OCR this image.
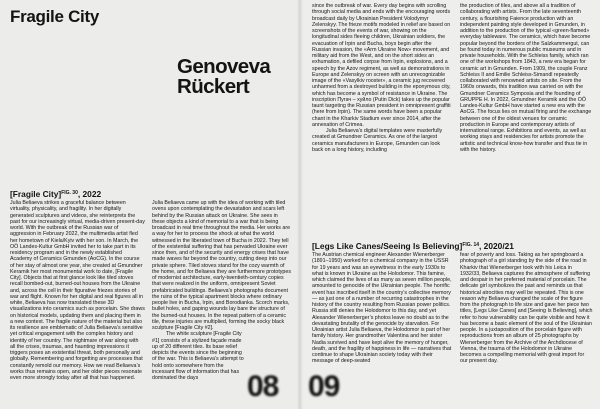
Fragile City
Genoveva Rückert
[Fragile City]$^{FIG. 30}$, 2022

Julia Beliaeva strikes a graceful balance between virtuality, physicality, and fragility. In her digitally generated sculptures and videos, she reinterprets the past for our increasingly virtual, media-driven present-day world. With the outbreak of the Russian war of aggression in February 2022, the multimedia artist fled her hometown of Kiela/Kyiv with her son. In March, the OÖ Landes-Kultur GmbH invited her to take part in its residency program and in the newly established Academy of Ceramics Gmunden (AoCG). In the course of her stay of almost one year, she created at Gmundner Keramik her most monumental work to date, [Fragile City]. Objects that at first glance look like tiled stoves recall bombed-out, burned-out houses from the Ukraine and, across the cell in their figurative friezes stories of war and flight. Known for her digital and real figures all in white, Beliaeva has now translated these 3D visualizations into ceramics such as porcelain. She draws on historical models, updating them and placing them in a new context. The fragile nature of the material but also its resilience are emblematic of Julia Beliaeva’s sensitive yet critical engagement with the complex history and identity of her country. The nightmare of war along with all the crises, traumas, and haunting impressions it triggers poses an existential threat, both personally and globally. Remembering and forgetting are processes that constantly remold our memory. How we read Beliaeva’s works thus remains open, and her older pieces resonate even more strongly today after all that has happened.

Julia Beliaeva came up with the idea of working with tiled ovens upon contemplating the devastation and scars left behind by the Russian attack on Ukraine. She sees in these objects a kind of memorial to a war that is being broadcast in real time throughout the media. Her works are a way for her to process the shock at what the world witnessed in the liberated town of Bucha in 2022. They tell of the existential suffering that has pervaded Ukraine ever since then, and of the security and energy crises that have made waves far beyond the country, cutting deep into our private sphere. Tiled stoves stand for the cozy warmth of the home, and for Beliaeva they are furthermore prototypes of modernist architecture, early-twentieth-century copies that were realized in the uniform, omnipresent Soviet prefabricated buildings. Beliaeva’s photographs document the ruins of the typical apartment blocks where ordinary people live in Bucha, Irpin, and Borodianka. Scorch marks, bullet holes, and gaping wounds lay bare the structure of the burned-out houses. In the repeat pattern of a ceramic tile, these injuries are multiplied, forming the socky black sculpture [Fragile City #2].

The white sculpture [Fragile City #1] consists of a stylized façade made up of 20 different tiles. Its base relief depicts the events since the beginning of the war. This is Beliaeva’s attempt to hold onto somewhere from the incessant flow of information that has dominated the days	08

since the outbreak of war. Every day begins with scrolling through social media and ends with the encouraging words broadcast daily by Ukrainian President Volodymyr Zelenskyy. The frieze motifs modeled in relief are based on screenshots of the events of war, showing on the longitudinal sides fleeing children, Ukrainian soldiers, the evacuation of Irpin and Bucha, boys begin after the Russian invasion, the «Arm Ukraine Now» movement, and military aid from the West, and on the short sides an exhumation, a defiled corpse from Irpin, explosions, and a speech by the Azov regiment, as well as demonstrations in Europe and Zelenskyy on screen with an unrecognizable image of the «Vasylkiv rooster», a ceramic jug recovered unharmed from a destroyed building in the eponymous city, which has become a symbol of resistance in Ukraine. The inscription Пугач – хуйло (Putin Dick) takes up the popular taunt targeting the Russian president in omnipresent graffiti (here from Irpin). The same words have been a popular chant in the Kharkiv Stadium ever since 2014, after the annexation of Crimea.

Julia Beliaeva’s digital templates were masterfully created at Gmundner Ceramics. As one of the largest ceramics manufacturers in Europe, Gmunden can look back on a long history, including

the production of tiles, and above all a tradition of collaborating with artists. From the late seventeenth century, a flourishing Faience production with an independent painting style developed in Gmunden, in addition to the production of the typical «green-flamed» everyday tableware. The ceramics, which have become popular beyond the borders of the Salzkammergut, can be found today in numerous public museums and in private households. With the Schleiss family, which ran one of the workshops from 1843, a new era began for ceramic art in Gmunden. From 1909, the couple Franz Schleiss II and Emilie Schleiss-Simandl repeatedly collaborated with renowned artists on site. From the 1960s onwards, this tradition was carried on with the Gmundner Ceramics Symposia and the founding of GRUPPE H. In 2022, Gmundner Keramik and the OÖ Landes-Kultur GmbH have started a new era with the AoCG. The focus lies on mutual firing and the exchange between one of the oldest venues for ceramic production in Europe and contemporary artists of international range. Exhibitions and events, as well as working stays and residencies for artists promote the artistic and technical know-how transfer and thus tie in with the history.

[Legs Like Canes/Seeing Is Believing]$^{FIG. 14}$, 2020/21

The Austrian chemical engineer Alexander Wienerberger (1891–1950) worked for a chemical company in the USSR for 19 years and was an eyewitness in the early 1930s to what is known in Ukraine as the Holodomor. This famine, which claimed the lives of as many as seven million people, amounted to genocide of the Ukrainian people. The horrific event has inscribed itself in the country’s collective memory — as just one of a number of recurring catastrophes in the history of the country resulting from Russian power politics. Russia still denies the Holodomor to this day, and yet Alexander Wienerberger’s photos leave no doubt as to the devastating brutality of the genocide by starvation. For Ukrainian artist Julia Beliaeva, the Holodomor is part of her family history. Her grandmother Valentina and her sister Nadia survived and have kept alive the memory of hunger, death, and the fragility of happiness in life — narratives that continue to shape Ukrainian society today with their message of deep-seated

fear of poverty and loss. Taking as her springboard a photograph of a girl standing by the side of the road in Kharkiv that Wienerberger took with his Leica in 1932/33, Beliaeva captures the atmosphere of suffering and despair in her preferred material of porcelain. The delicate girl symbolizes the past and reminds us that historical atrocities may well be repeated. This is one reason why Beliaeva changed the scale of the figure from the photograph to life size and gave her piece two titles, [Legs Like Canes] and [Seeing Is Believing], which refer to how vulnerability can be quite visible and how it has become a basic element of the soul of the Ukrainian people. In a juxtaposition of the porcelain figure with reproductions from an album of 25 photographs by Wienerberger from the Archive of the Archdiocese of Vienna, the trauma of the Holodomor in Ukraine becomes a compelling memorial with great import for our present day.

09
